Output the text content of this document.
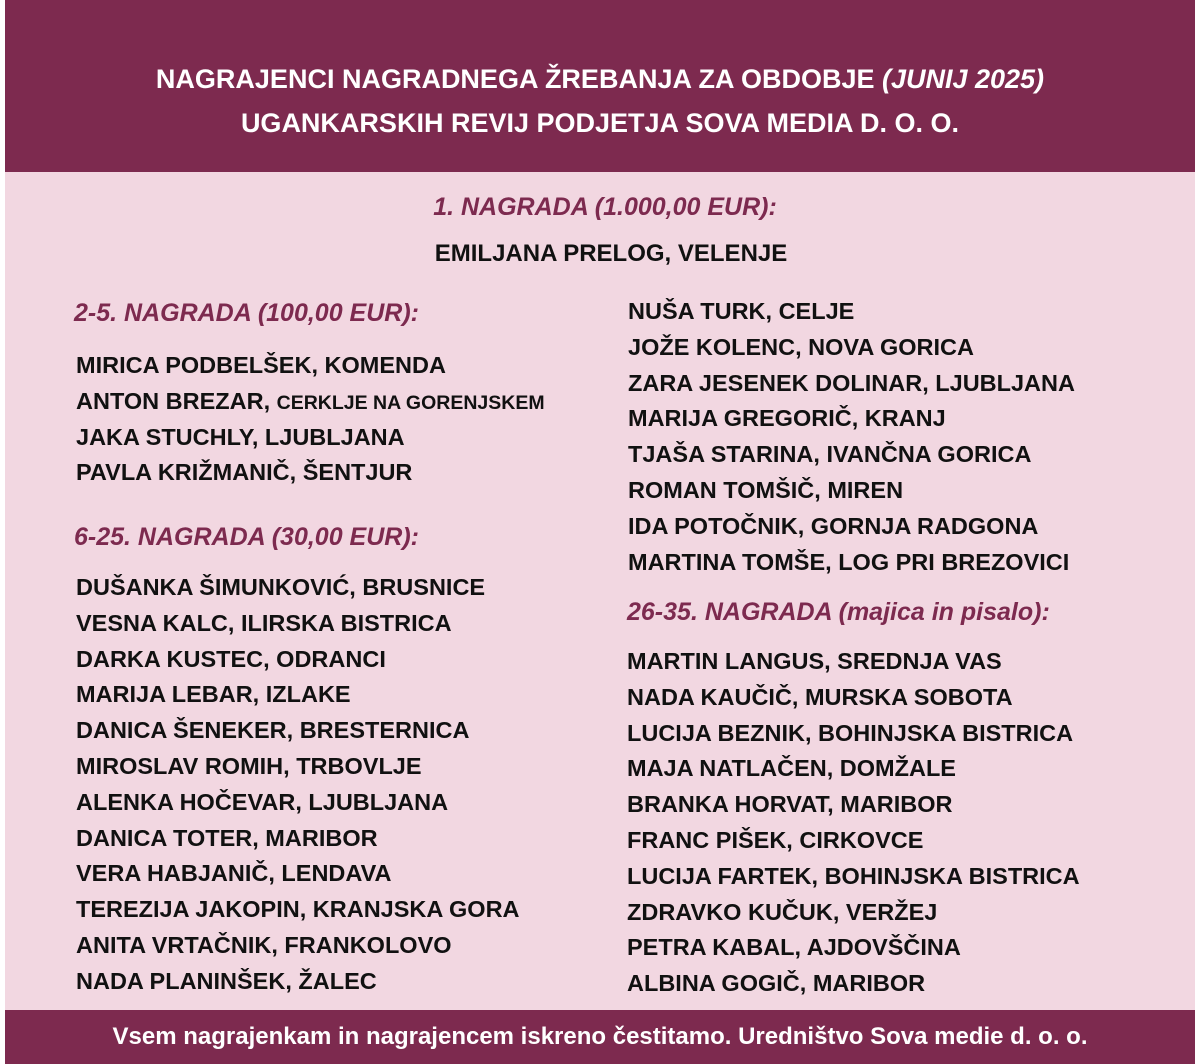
NAGRAJENCI NAGRADNEGA ŽREBANJA ZA OBDOBJE (JUNIJ 2025)
UGANKARSKIH REVIJ PODJETJA SOVA MEDIA D. O. O.
1. NAGRADA (1.000,00 EUR):
EMILJANA PRELOG, VELENJE
2-5. NAGRADA (100,00 EUR):
MIRICA PODBELŠEK, KOMENDA
ANTON BREZAR, CERKLJE NA GORENJSKEM
JAKA STUCHLY, LJUBLJANA
PAVLA KRIŽMANIČ, ŠENTJUR
6-25. NAGRADA (30,00 EUR):
DUŠANKA ŠIMUNKOVIĆ, BRUSNICE
VESNA KALC, ILIRSKA BISTRICA
DARKA KUSTEC, ODRANCI
MARIJA LEBAR, IZLAKE
DANICA ŠENEKER, BRESTERNICA
MIROSLAV ROMIH, TRBOVLJE
ALENKA HOČEVAR, LJUBLJANA
DANICA TOTER, MARIBOR
VERA HABJANIČ, LENDAVA
TEREZIJA JAKOPIN, KRANJSKA GORA
ANITA VRTAČNIK, FRANKOLOVO
NADA PLANINŠEK, ŽALEC
NUŠA TURK, CELJE
JOŽE KOLENC, NOVA GORICA
ZARA JESENEK DOLINAR, LJUBLJANA
MARIJA GREGORIČ, KRANJ
TJAŠA STARINA, IVANČNA GORICA
ROMAN TOMŠIČ, MIREN
IDA POTOČNIK, GORNJA RADGONA
MARTINA TOMŠE, LOG PRI BREZOVICI
26-35. NAGRADA (majica in pisalo):
MARTIN LANGUS, SREDNJA VAS
NADA KAUČIČ, MURSKA SOBOTA
LUCIJA BEZNIK, BOHINJSKA BISTRICA
MAJA NATLAČEN, DOMŽALE
BRANKA HORVAT, MARIBOR
FRANC PIŠEK, CIRKOVCE
LUCIJA FARTEK, BOHINJSKA BISTRICA
ZDRAVKO KUČUK, VERŽEJ
PETRA KABAL, AJDOVŠČINA
ALBINA GOGIČ, MARIBOR
Vsem nagrajenkam in nagrajencem iskreno čestitamo. Uredništvo Sova medie d. o. o.
